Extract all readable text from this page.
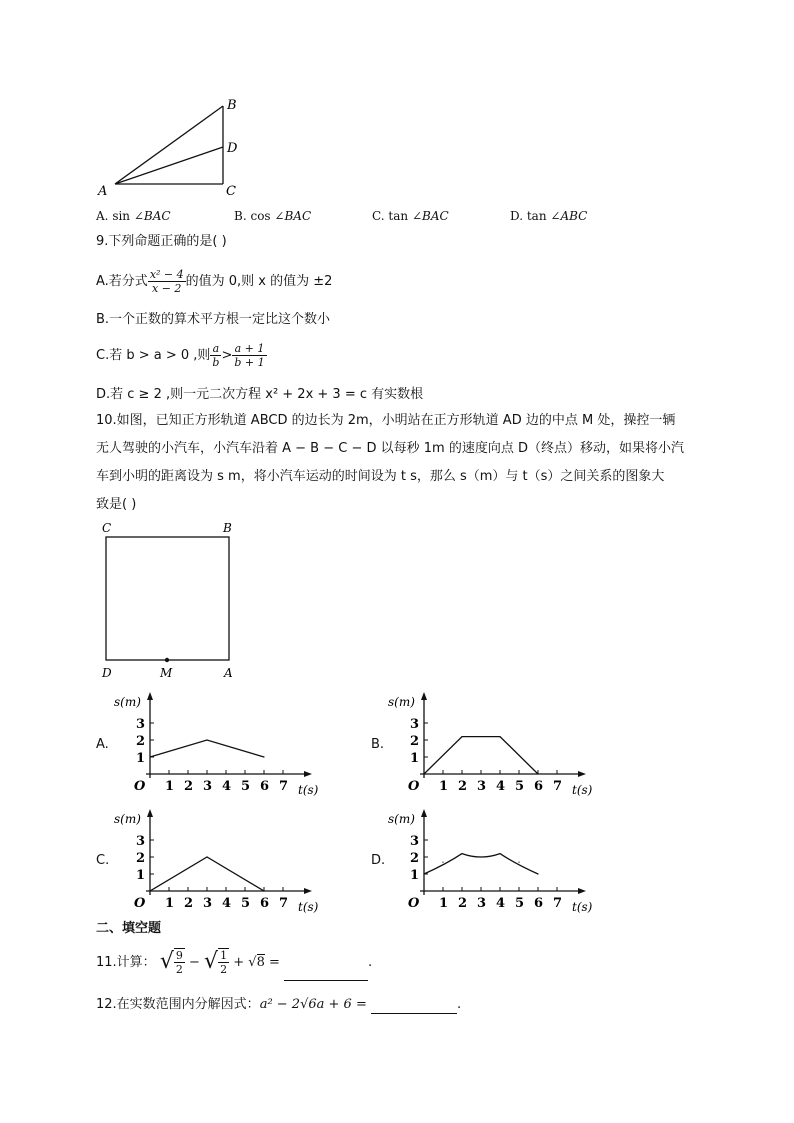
A
B
D
C
A. sin ∠BAC	B. cos ∠BAC	C. tan ∠BAC	D. tan ∠ABC
9.下列命题正确的是( )
A.若分式 $\frac{\text{x² − 4}}{x - 2}$ 的值为 0,则 x 的值为 ±2
B.一个正数的算术平方根一定比这个数小
C.若 b > a > 0 ,则 $\frac{a}{b} > \frac{a + 1}{b + 1}$
D.若 c ≥ 2 ,则一元二次方程 x² + 2x + 3 = c 有实数根
10.如图，已知正方形轨道 ABCD 的边长为 2m，小明站在正方形轨道 AD 边的中点 M 处，操控一辆
无人驾驶的小汽车，小汽车沿着 A − B − C − D 以每秒 1m 的速度向点 D（终点）移动，如果将小汽
车到小明的距离设为 s m，将小汽车运动的时间设为 t s，那么 s（m）与 t（s）之间关系的图象大
致是( )
C	B
D	M	A
A.
1 2 3 4 5 6 7
1
2
3
O
s(m)
t(s)
B.
1 2 3 4 5 6 7
1
2
3
O
s(m)
t(s)
C.
1 2 3 4 5 6 7
1
2
3
O
s(m)
t(s)
D.
1 2 3 4 5 6 7
1
2
3
O
s(m)
t(s)
二、填空题
11.计算： √ $\frac{9}{2}$ − √ $\frac{1}{2} + √8$ =	.
12.在实数范围内分解因式：a² − 2√6a + 6 =	.
